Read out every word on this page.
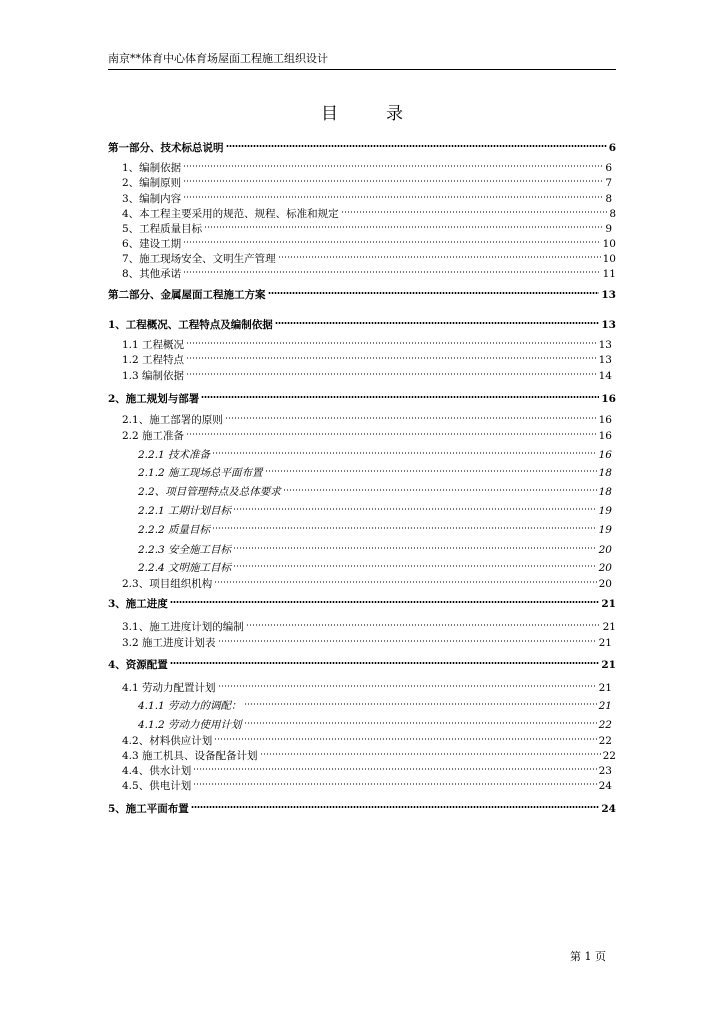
南京**体育中心体育场屋面工程施工组织设计
目录
第一部分、技术标总说明	6
1、编制依据	6
2、编制原则	7
3、编制内容	8
4、本工程主要采用的规范、规程、标准和规定	8
5、工程质量目标	9
6、建设工期	10
7、施工现场安全、文明生产管理	10
8、其他承诺	11
第二部分、金属屋面工程施工方案	13
1、工程概况、工程特点及编制依据	13
1.1 工程概况	13
1.2 工程特点	13
1.3 编制依据	14
2、施工规划与部署	16
2.1、施工部署的原则	16
2.2 施工准备	16
2.2.1 技术准备	16
2.1.2 施工现场总平面布置	18
2.2、项目管理特点及总体要求	18
2.2.1 工期计划目标	19
2.2.2 质量目标	19
2.2.3 安全施工目标	20
2.2.4 文明施工目标	20
2.3、项目组织机构	20
3、施工进度	21
3.1、施工进度计划的编制	21
3.2 施工进度计划表	21
4、资源配置	21
4.1 劳动力配置计划	21
4.1.1 劳动力的调配：	21
4.1.2 劳动力使用计划	22
4.2、材料供应计划	22
4.3 施工机具、设备配备计划	22
4.4、供水计划	23
4.5、供电计划	24
5、施工平面布置	24
第 1 页
